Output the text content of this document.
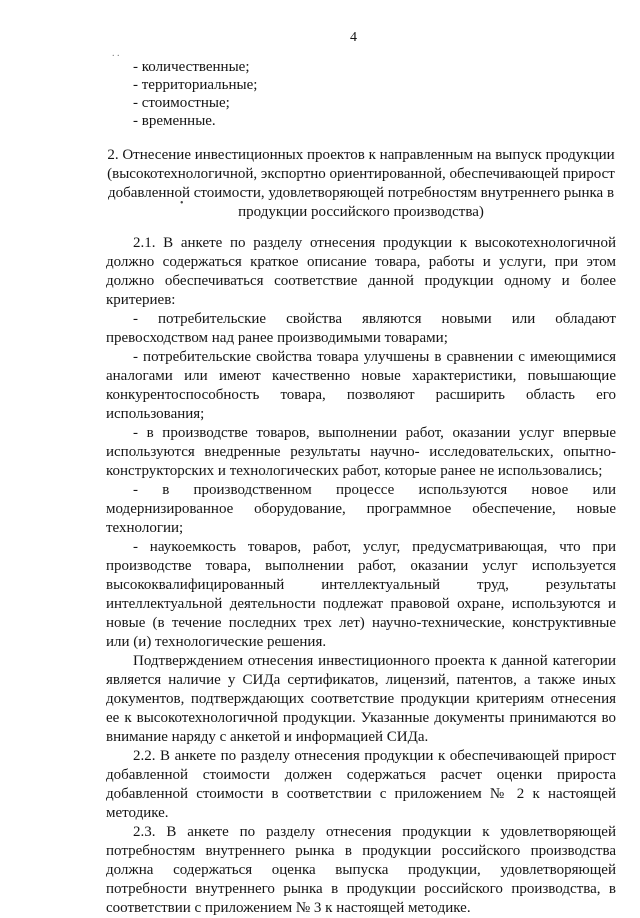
4
. .
- количественные;
- территориальные;
- стоимостные;
- временные.
2. Отнесение инвестиционных проектов к направленным на выпуск продукции (высокотехнологичной, экспортно ориентированной, обеспечивающей прирост добавленной стоимости, удовлетворяющей потребностям внутреннего рынка в продукции российского производства)
•

2.1. В анкете по разделу отнесения продукции к высокотехнологичной должно содержаться краткое описание товара, работы и услуги, при этом должно обеспечиваться соответствие данной продукции одному и более критериев:

- потребительские свойства являются новыми или обладают превосходством над ранее производимыми товарами;

- потребительские свойства товара улучшены в сравнении с имеющимися аналогами или имеют качественно новые характеристики, повышающие конкурентоспособность товара, позволяют расширить область его использования;

- в производстве товаров, выполнении работ, оказании услуг впервые используются внедренные результаты научно- исследовательских, опытно-конструкторских и технологических работ, которые ранее не использовались;

- в производственном процессе используются новое или модернизированное оборудование, программное обеспечение, новые технологии;

- наукоемкость товаров, работ, услуг, предусматривающая, что при производстве товара, выполнении работ, оказании услуг используется высококвалифицированный интеллектуальный труд, результаты интеллектуальной деятельности подлежат правовой охране, используются и новые (в течение последних трех лет) научно-технические, конструктивные или (и) технологические решения.

Подтверждением отнесения инвестиционного проекта к данной категории является наличие у СИДа сертификатов, лицензий, патентов, а также иных документов, подтверждающих соответствие продукции критериям отнесения ее к высокотехнологичной продукции. Указанные документы принимаются во внимание наряду с анкетой и информацией СИДа.

2.2. В анкете по разделу отнесения продукции к обеспечивающей прирост добавленной стоимости должен содержаться расчет оценки прироста добавленной стоимости в соответствии с приложением № 2 к настоящей методике.

2.3. В анкете по разделу отнесения продукции к удовлетворяющей потребностям внутреннего рынка в продукции российского производства должна содержаться оценка выпуска продукции, удовлетворяющей потребности внутреннего рынка в продукции российского производства, в соответствии с приложением № 3 к настоящей методике.
